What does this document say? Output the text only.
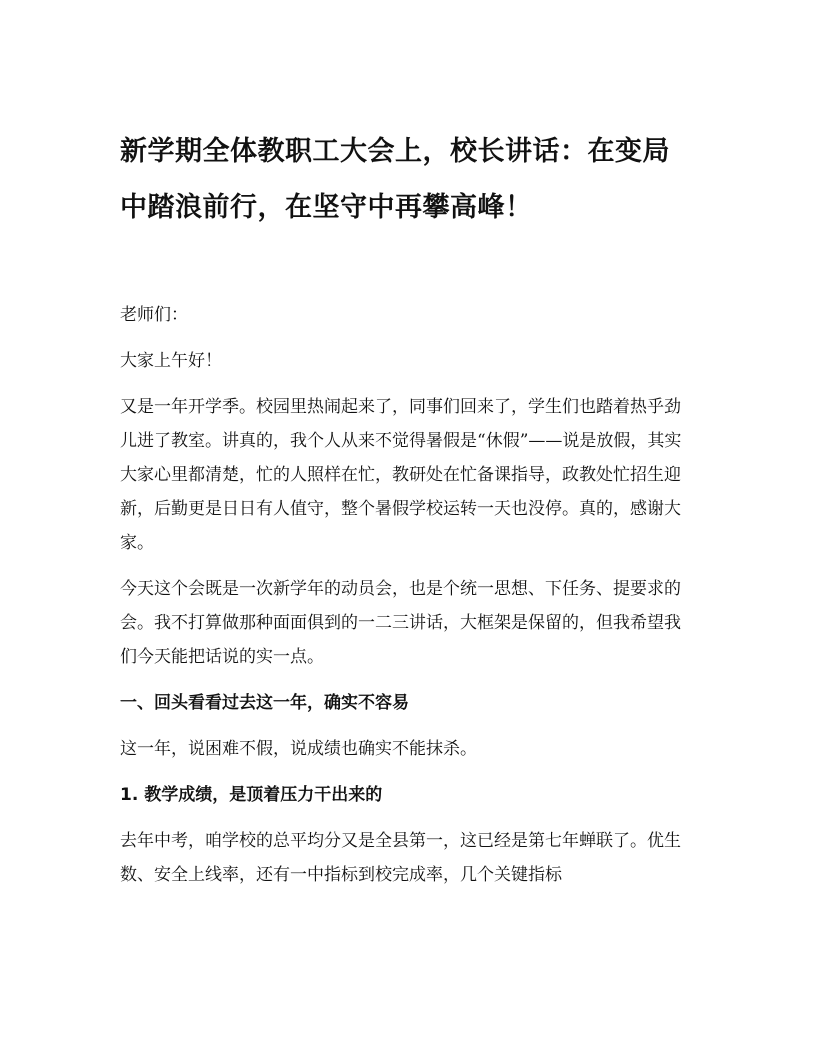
新学期全体教职工大会上，校长讲话：在变局中踏浪前行，在坚守中再攀高峰！

老师们：

大家上午好！

又是一年开学季。校园里热闹起来了，同事们回来了，学生们也踏着热乎劲儿进了教室。讲真的，我个人从来不觉得暑假是“休假”——说是放假，其实大家心里都清楚，忙的人照样在忙，教研处在忙备课指导，政教处忙招生迎新，后勤更是日日有人值守，整个暑假学校运转一天也没停。真的，感谢大家。

今天这个会既是一次新学年的动员会，也是个统一思想、下任务、提要求的会。我不打算做那种面面俱到的一二三讲话，大框架是保留的，但我希望我们今天能把话说的实一点。

一、回头看看过去这一年，确实不容易

这一年，说困难不假，说成绩也确实不能抹杀。

1. 教学成绩，是顶着压力干出来的

去年中考，咱学校的总平均分又是全县第一，这已经是第七年蝉联了。优生数、安全上线率，还有一中指标到校完成率，几个关键指标
